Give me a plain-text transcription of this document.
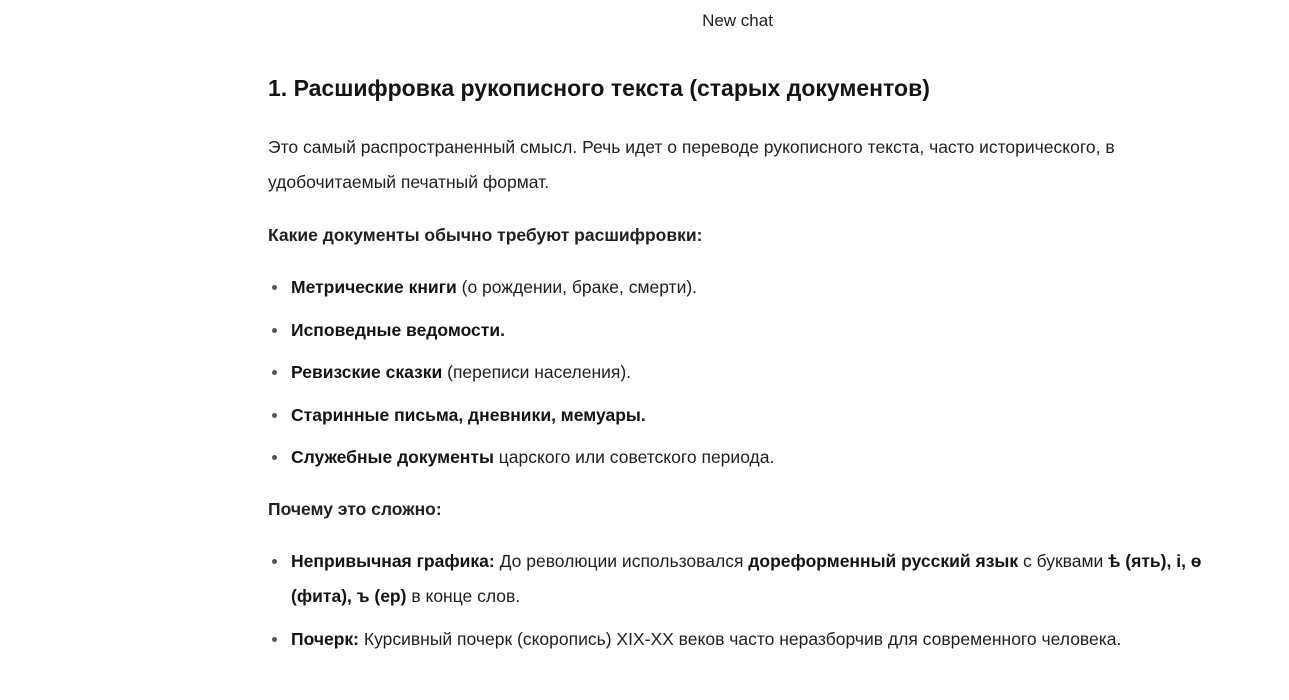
New chat
1. Расшифровка рукописного текста (старых документов)

Это самый распространенный смысл. Речь идет о переводе рукописного текста, часто исторического, в удобочитаемый печатный формат.

Какие документы обычно требуют расшифровки:

Метрические книги (о рождении, браке, смерти).
Исповедные ведомости.
Ревизские сказки (переписи населения).
Старинные письма, дневники, мемуары.
Служебные документы царского или советского периода.

Почему это сложно:

Непривычная графика: До революции использовался дореформенный русский язык с буквами ѣ (ять), і, ѳ (фита), ъ (ер) в конце слов.
Почерк: Курсивный почерк (скоропись) XIX-XX веков часто неразборчив для современного человека.
